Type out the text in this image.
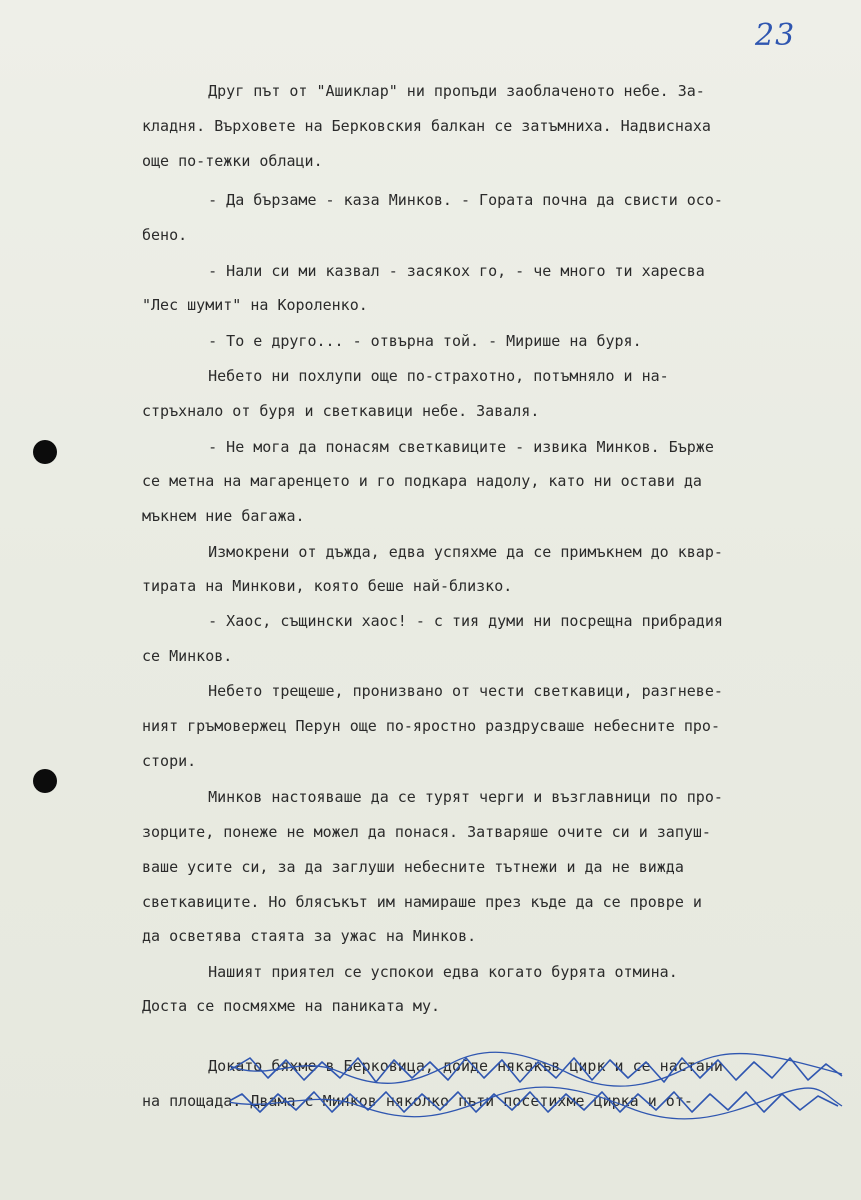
23
Друг път от "Ашиклар" ни пропъди заоблаченото небе. За-
кладня. Върховете на Берковския балкан се затъмниха. Надвиснаха
още по-тежки облаци.
- Да бързаме - каза Минков. - Гората почна да свисти осо-
бено.
- Нали си ми казвал - засякох го, - че много ти харесва
"Лес шумит" на Короленко.
- То е друго... - отвърна той. - Мирише на буря.
Небето ни похлупи още по-страхотно, потъмняло и на-
стръхнало от буря и светкавици небе. Заваля.
- Не мога да понасям светкавиците - извика Минков. Бърже
се метна на магаренцето и го подкара надолу, като ни остави да
мъкнем ние багажа.
Измокрени от дъжда, едва успяхме да се примъкнем до квар-
тирата на Минкови, която беше най-близко.
- Хаос, същински хаос! - с тия думи ни посрещна прибрадия
се Минков.
Небето трещеше, пронизвано от чести светкавици, разгневе-
ният гръмовержец Перун още по-яростно раздрусваше небесните про-
стори.
Минков настояваше да се турят черги и възглавници по про-
зорците, понеже не можел да понася. Затваряше очите си и запуш-
ваше усите си, за да заглуши небесните тътнежи и да не вижда
светкавиците. Но блясъкът им намираше през къде да се провре и
да осветява стаята за ужас на Минков.
Нашият приятел се успокои едва когато бурята отмина.
Доста се посмяхме на паниката му.
Докато бяхме в Берковица, дойде някакъв цирк и се настани
на площада. Двама с Минков няколко пъти посетихме цирка и от-
